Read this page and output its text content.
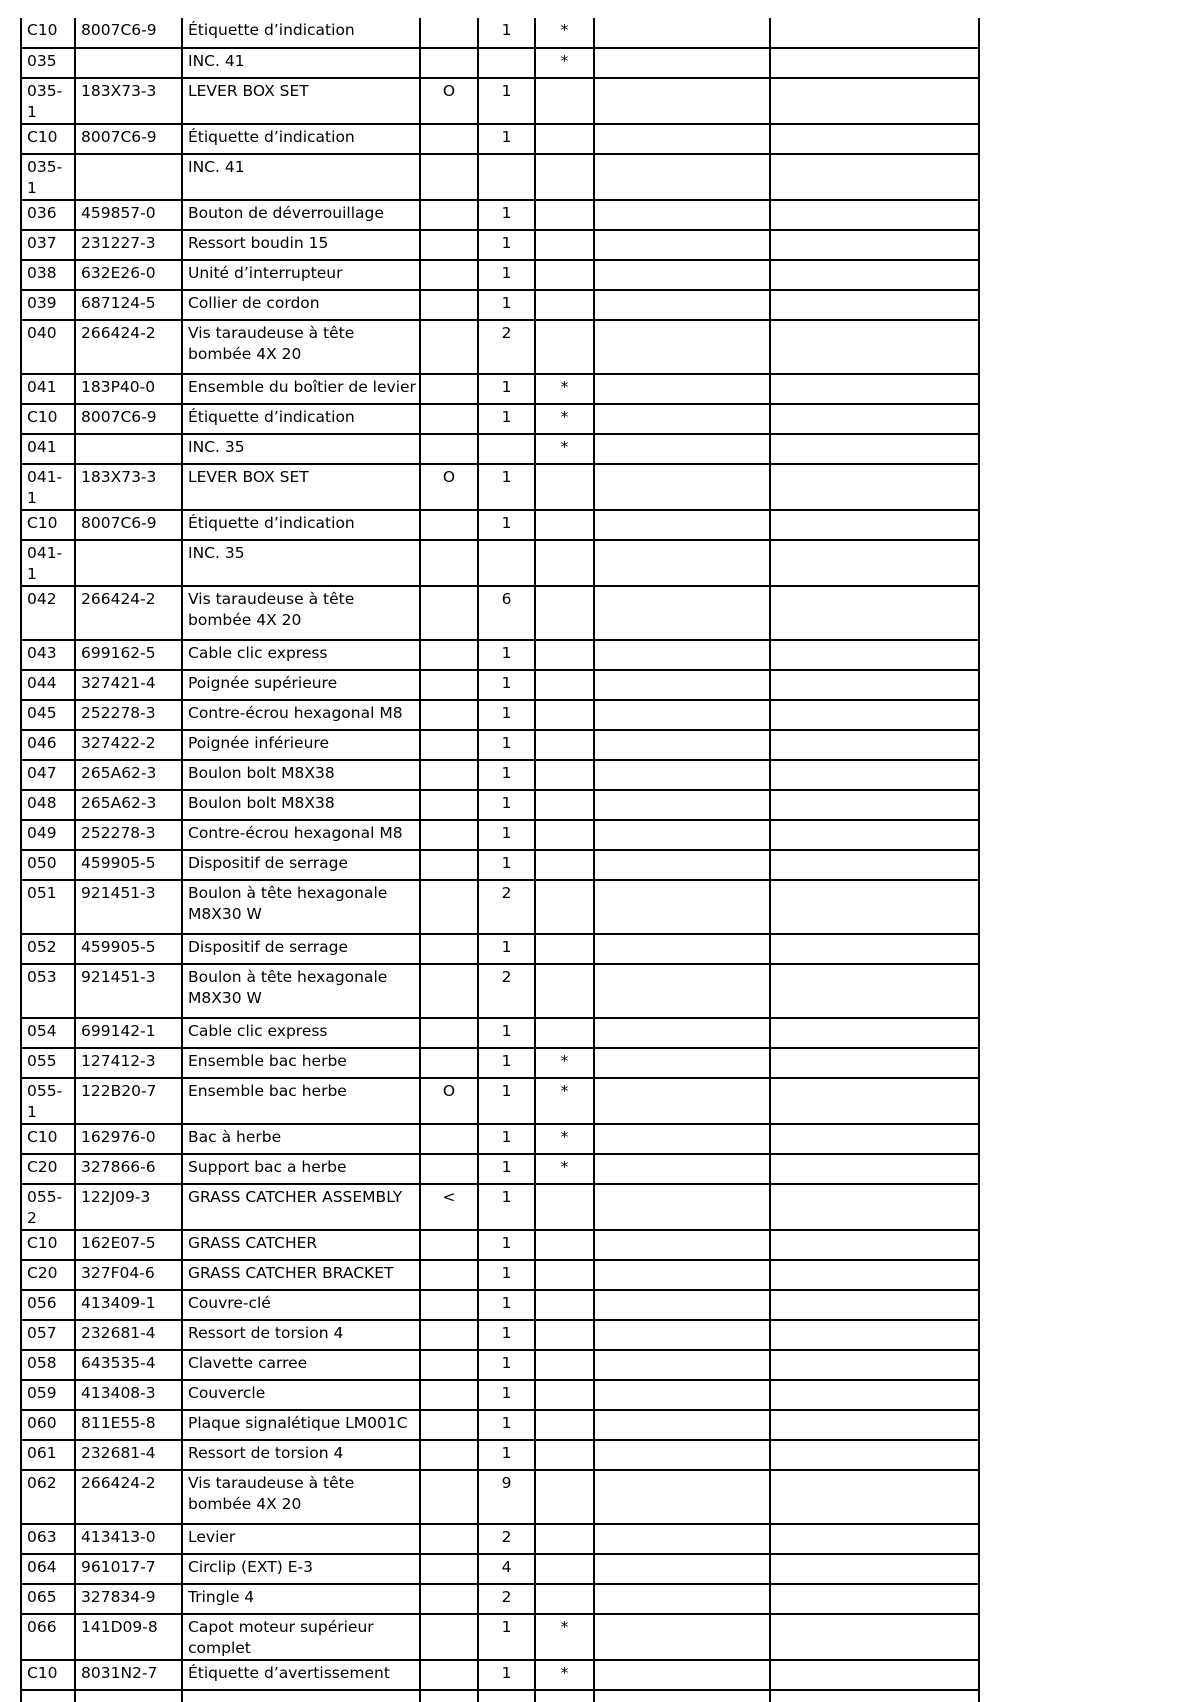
C10	8007C6-9	Étiquette d’indication		1	*		
035		INC. 41			*		
035-1	183X73-3	LEVER BOX SET	O	1			
C10	8007C6-9	Étiquette d’indication		1			
035-1		INC. 41					
036	459857-0	Bouton de déverrouillage		1			
037	231227-3	Ressort boudin 15		1			
038	632E26-0	Unité d’interrupteur		1			
039	687124-5	Collier de cordon		1			
040	266424-2	Vis taraudeuse à tête bombée 4X 20		2			
041	183P40-0	Ensemble du boîtier de levier		1	*		
C10	8007C6-9	Étiquette d’indication		1	*		
041		INC. 35			*		
041-1	183X73-3	LEVER BOX SET	O	1			
C10	8007C6-9	Étiquette d’indication		1			
041-1		INC. 35					
042	266424-2	Vis taraudeuse à tête bombée 4X 20		6			
043	699162-5	Cable clic express		1			
044	327421-4	Poignée supérieure		1			
045	252278-3	Contre-écrou hexagonal M8		1			
046	327422-2	Poignée inférieure		1			
047	265A62-3	Boulon bolt M8X38		1			
048	265A62-3	Boulon bolt M8X38		1			
049	252278-3	Contre-écrou hexagonal M8		1			
050	459905-5	Dispositif de serrage		1			
051	921451-3	Boulon à tête hexagonale M8X30 W		2			
052	459905-5	Dispositif de serrage		1			
053	921451-3	Boulon à tête hexagonale M8X30 W		2			
054	699142-1	Cable clic express		1			
055	127412-3	Ensemble bac herbe		1	*		
055-1	122B20-7	Ensemble bac herbe	O	1	*		
C10	162976-0	Bac à herbe		1	*		
C20	327866-6	Support bac a herbe		1	*		
055-2	122J09-3	GRASS CATCHER ASSEMBLY	<	1			
C10	162E07-5	GRASS CATCHER		1			
C20	327F04-6	GRASS CATCHER BRACKET		1			
056	413409-1	Couvre-clé		1			
057	232681-4	Ressort de torsion 4		1			
058	643535-4	Clavette carree		1			
059	413408-3	Couvercle		1			
060	811E55-8	Plaque signalétique LM001C		1			
061	232681-4	Ressort de torsion 4		1			
062	266424-2	Vis taraudeuse à tête bombée 4X 20		9			
063	413413-0	Levier		2			
064	961017-7	Circlip (EXT) E-3		4			
065	327834-9	Tringle 4		2			
066	141D09-8	Capot moteur supérieur complet		1	*		
C10	8031N2-7	Étiquette d’avertissement		1	*		
